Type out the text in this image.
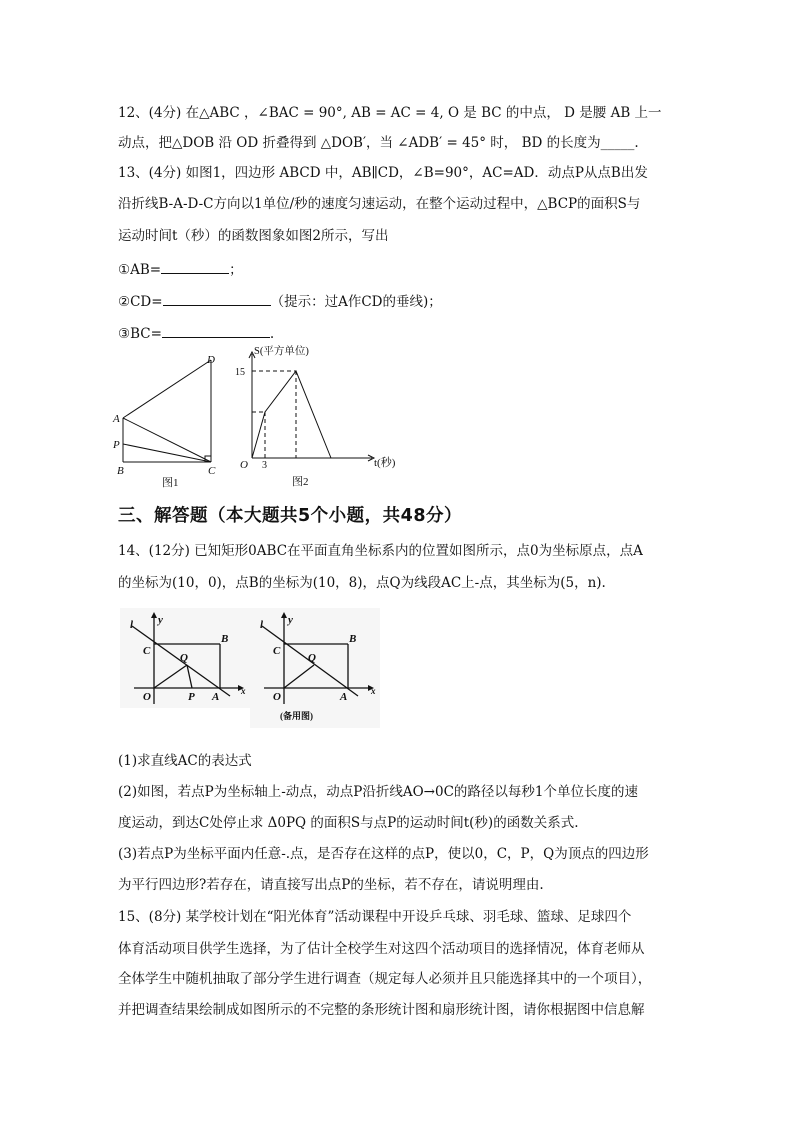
12、(4分) 在△ABC ，∠BAC = 90°, AB = AC = 4, O 是 BC 的中点， D 是腰 AB 上一
动点，把△DOB 沿 OD 折叠得到 △DOB′，当 ∠ADB′ = 45° 时， BD 的长度为_____.
13、(4分) 如图1，四边形 ABCD 中，AB∥CD，∠B=90°，AC=AD．动点P从点B出发
沿折线B-A-D-C方向以1单位/秒的速度匀速运动，在整个运动过程中，△BCP的面积S与
运动时间t（秒）的函数图象如图2所示，写出
①AB=	；
②CD=	（提示：过A作CD的垂线)；
③BC=	.
D
A
P
B	C
图1
S(平方单位)
15
O 3	t(秒)
图2
三、解答题（本大题共5个小题，共48分）
14、(12分) 已知矩形0ABC在平面直角坐标系内的位置如图所示，点0为坐标原点，点A
的坐标为(10，0)，点B的坐标为(10，8)，点Q为线段AC上-点，其坐标为(5，n).
l y
C
B
Q
O	P A x
l y
C
B
Q
O	A	x
(备用图)
(1)求直线AC的表达式
(2)如图，若点P为坐标轴上-动点，动点P沿折线AO→0C的路径以每秒1个单位长度的速
度运动，到达C处停止求 Δ0PQ 的面积S与点P的运动时间t(秒)的函数关系式.
(3)若点P为坐标平面内任意-.点，是否存在这样的点P，使以0，C，P，Q为顶点的四边形
为平行四边形?若存在，请直接写出点P的坐标，若不存在，请说明理由.
15、(8分) 某学校计划在“阳光体育”活动课程中开设乒乓球、羽毛球、篮球、足球四个
体育活动项目供学生选择，为了估计全校学生对这四个活动项目的选择情况，体育老师从
全体学生中随机抽取了部分学生进行调查（规定每人必须并且只能选择其中的一个项目），
并把调查结果绘制成如图所示的不完整的条形统计图和扇形统计图，请你根据图中信息解
